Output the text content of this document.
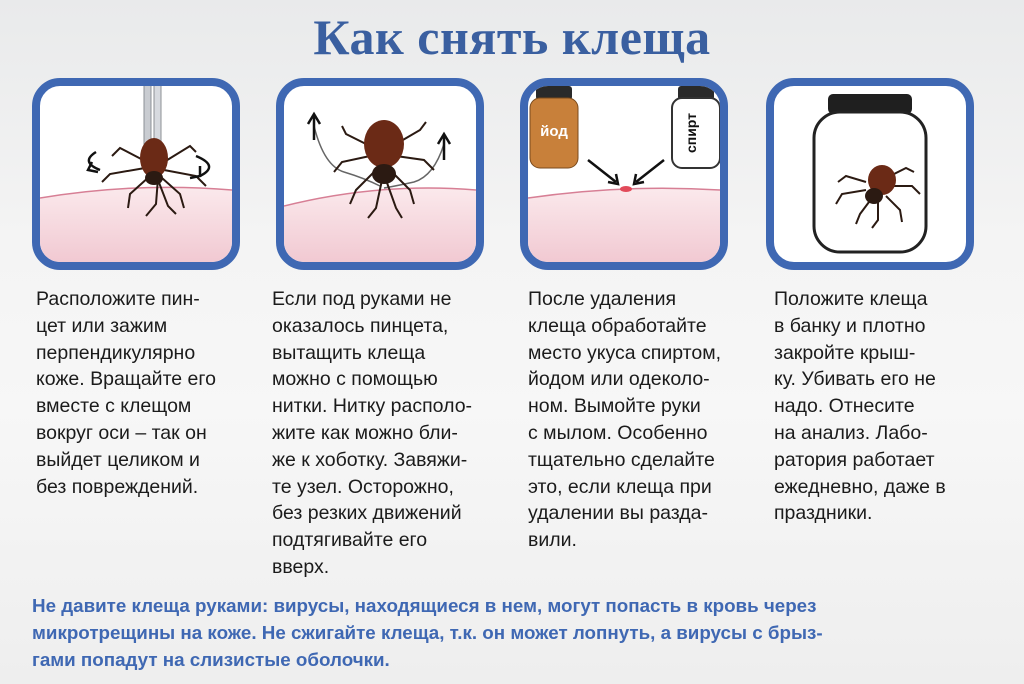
Как снять клеща
йод	спирт
Расположите пин-
цет или зажим
перпендикулярно
коже. Вращайте его
вместе с клещом
вокруг оси – так он
выйдет целиком и
без повреждений.
Если под руками не
оказалось пинцета,
вытащить клеща
можно с помощью
нитки. Нитку располо-
жите как можно бли-
же к хоботку. Завяжи-
те узел. Осторожно,
без резких движений
подтягивайте его
вверх.
После удаления
клеща обработайте
место укуса спиртом,
йодом или одеколо-
ном. Вымойте руки
с мылом. Особенно
тщательно сделайте
это, если клеща при
удалении вы разда-
вили.
Положите клеща
в банку и плотно
закройте крыш-
ку. Убивать его не
надо. Отнесите
на анализ. Лабо-
ратория работает
ежедневно, даже в
праздники.
Не давите клеща руками: вирусы, находящиеся в нем, могут попасть в кровь через
микротрещины на коже. Не сжигайте клеща, т.к. он может лопнуть, а вирусы с брыз-
гами попадут на слизистые оболочки.
